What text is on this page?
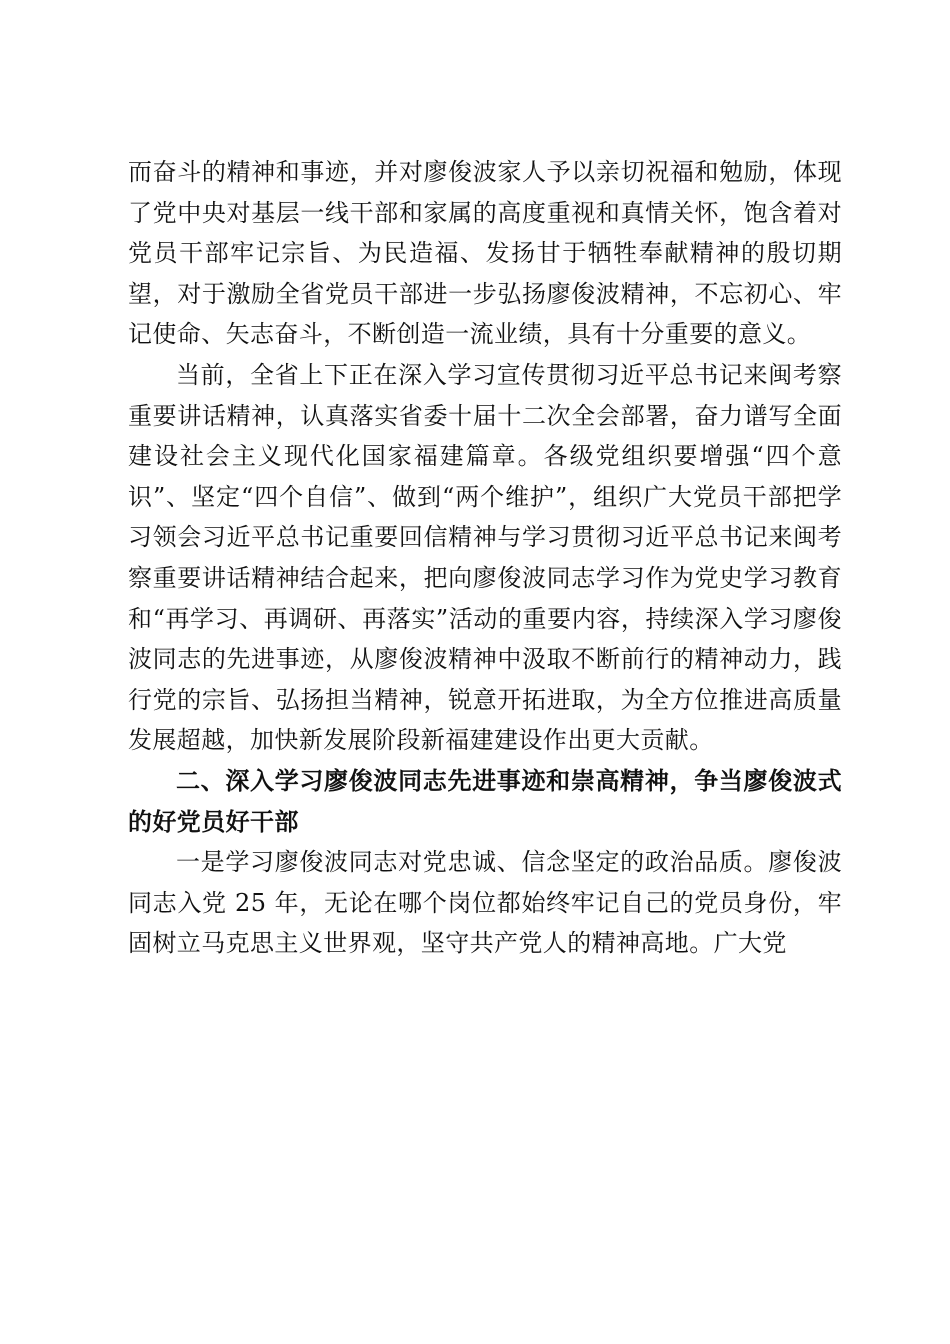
而奋斗的精神和事迹，并对廖俊波家人予以亲切祝福和勉励，体现了党中央对基层一线干部和家属的高度重视和真情关怀，饱含着对党员干部牢记宗旨、为民造福、发扬甘于牺牲奉献精神的殷切期望，对于激励全省党员干部进一步弘扬廖俊波精神，不忘初心、牢记使命、矢志奋斗，不断创造一流业绩，具有十分重要的意义。

当前，全省上下正在深入学习宣传贯彻习近平总书记来闽考察重要讲话精神，认真落实省委十届十二次全会部署，奋力谱写全面建设社会主义现代化国家福建篇章。各级党组织要增强“四个意识”、坚定“四个自信”、做到“两个维护”，组织广大党员干部把学习领会习近平总书记重要回信精神与学习贯彻习近平总书记来闽考察重要讲话精神结合起来，把向廖俊波同志学习作为党史学习教育和“再学习、再调研、再落实”活动的重要内容，持续深入学习廖俊波同志的先进事迹，从廖俊波精神中汲取不断前行的精神动力，践行党的宗旨、弘扬担当精神，锐意开拓进取，为全方位推进高质量发展超越，加快新发展阶段新福建建设作出更大贡献。

二、深入学习廖俊波同志先进事迹和崇高精神，争当廖俊波式的好党员好干部

一是学习廖俊波同志对党忠诚、信念坚定的政治品质。廖俊波同志入党 25 年，无论在哪个岗位都始终牢记自己的党员身份，牢固树立马克思主义世界观，坚守共产党人的精神高地。广大党
